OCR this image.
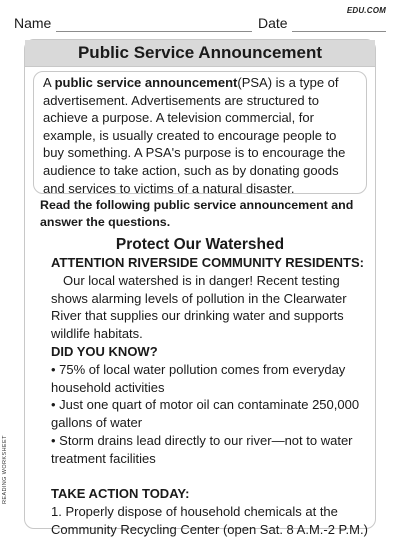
Name	Date
EDU.COM
Public Service Announcement
A public service announcement(PSA) is a type of advertisement. Advertisements are structured to achieve a purpose. A television commercial, for example, is usually created to encourage people to buy something. A PSA's purpose is to encourage the audience to take action, such as by donating goods and services to victims of a natural disaster.
Read the following public service announcement and answer the questions.
Protect Our Watershed
ATTENTION RIVERSIDE COMMUNITY RESIDENTS:
Our local watershed is in danger! Recent testing shows alarming levels of pollution in the Clearwater River that supplies our drinking water and supports wildlife habitats.
DID YOU KNOW?
• 75% of local water pollution comes from everyday household activities
• Just one quart of motor oil can contaminate 250,000 gallons of water
• Storm drains lead directly to our river—not to water treatment facilities
TAKE ACTION TODAY:
1. Properly dispose of household chemicals at the Community Recycling Center (open Sat. 8 A.M.-2 P.M.)
READING WORKSHEET
